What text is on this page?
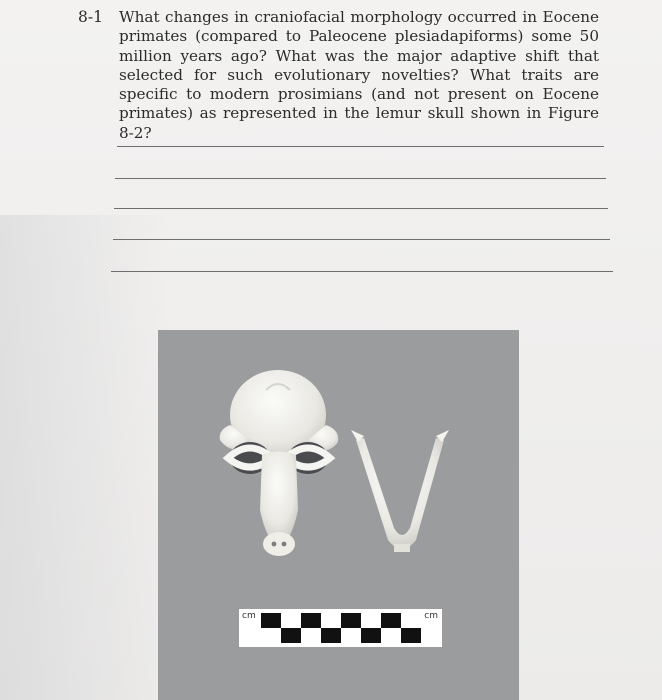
8-1 What changes in craniofacial morphology occurred in Eocene primates (compared to Paleocene plesiadapiforms) some 50 million years ago? What was the major adaptive shift that selected for such evolutionary novelties? What traits are specific to modern prosimians (and not present on Eocene primates) as represented in the lemur skull shown in Figure 8-2?
cm	cm
